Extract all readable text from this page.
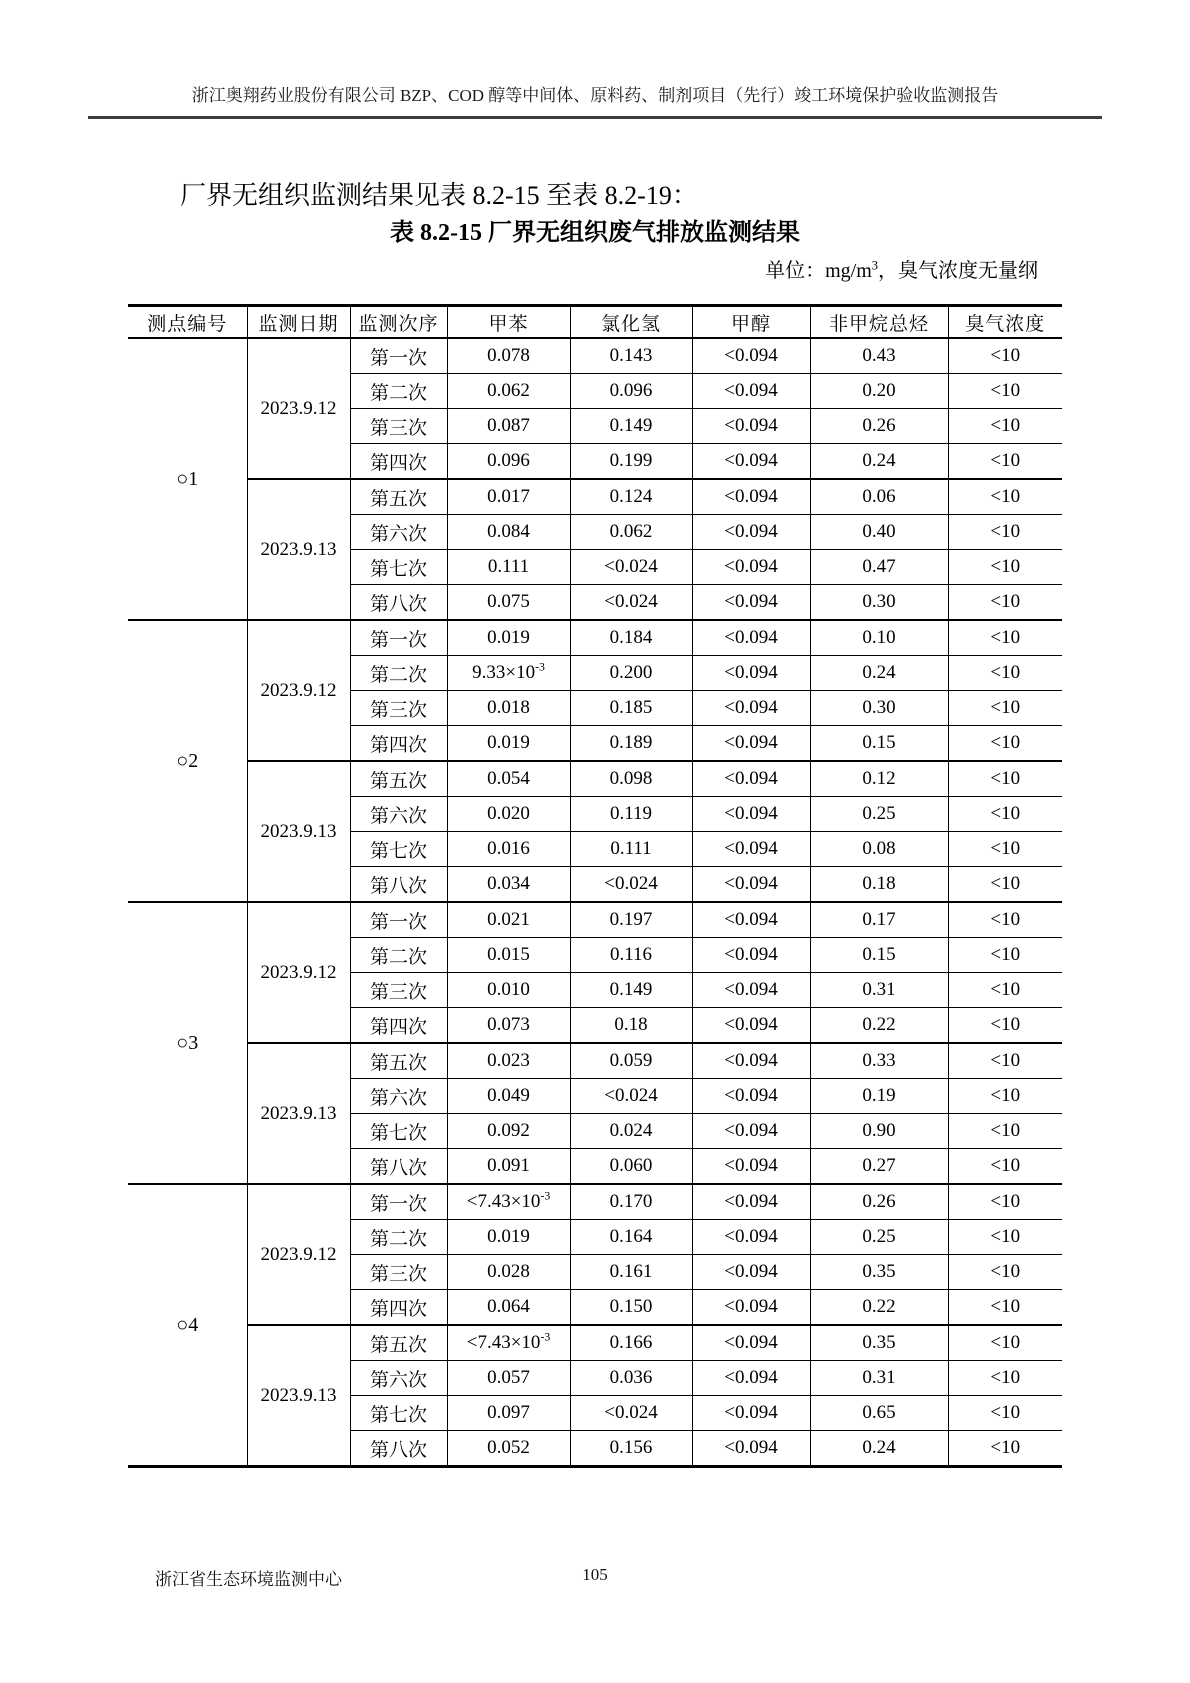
浙江奥翔药业股份有限公司 BZP、COD 醇等中间体、原料药、制剂项目（先行）竣工环境保护验收监测报告

厂界无组织监测结果见表 8.2-15 至表 8.2-19：

表 8.2-15 厂界无组织废气排放监测结果
单位：$mg/m^3$，臭气浓度无量纲
测点编号	监测日期	监测次序	甲苯	氯化氢	甲醇	非甲烷总烃	臭气浓度
○1	2023.9.12	第一次	0.078	0.143	<0.094	0.43	<10
		第二次	0.062	0.096	<0.094	0.20	<10
		第三次	0.087	0.149	<0.094	0.26	<10
		第四次	0.096	0.199	<0.094	0.24	<10
	2023.9.13	第五次	0.017	0.124	<0.094	0.06	<10
		第六次	0.084	0.062	<0.094	0.40	<10
		第七次	0.111	<0.024	<0.094	0.47	<10
		第八次	0.075	<0.024	<0.094	0.30	<10
○2	2023.9.12	第一次	0.019	0.184	<0.094	0.10	<10
		第二次	$9.33\times 10^{-3}$	0.200	<0.094	0.24	<10
		第三次	0.018	0.185	<0.094	0.30	<10
		第四次	0.019	0.189	<0.094	0.15	<10
	2023.9.13	第五次	0.054	0.098	<0.094	0.12	<10
		第六次	0.020	0.119	<0.094	0.25	<10
		第七次	0.016	0.111	<0.094	0.08	<10
		第八次	0.034	<0.024	<0.094	0.18	<10
○3	2023.9.12	第一次	0.021	0.197	<0.094	0.17	<10
		第二次	0.015	0.116	<0.094	0.15	<10
		第三次	0.010	0.149	<0.094	0.31	<10
		第四次	0.073	0.18	<0.094	0.22	<10
	2023.9.13	第五次	0.023	0.059	<0.094	0.33	<10
		第六次	0.049	<0.024	<0.094	0.19	<10
		第七次	0.092	0.024	<0.094	0.90	<10
		第八次	0.091	0.060	<0.094	0.27	<10
○4	2023.9.12	第一次	$<7.43\times 10^{-3}$	0.170	<0.094	0.26	<10
		第二次	0.019	0.164	<0.094	0.25	<10
		第三次	0.028	0.161	<0.094	0.35	<10
		第四次	0.064	0.150	<0.094	0.22	<10
	2023.9.13	第五次	$<7.43\times 10^{-3}$	0.166	<0.094	0.35	<10
		第六次	0.057	0.036	<0.094	0.31	<10
		第七次	0.097	<0.024	<0.094	0.65	<10
		第八次	0.052	0.156	<0.094	0.24	<10
浙江省生态环境监测中心	105
